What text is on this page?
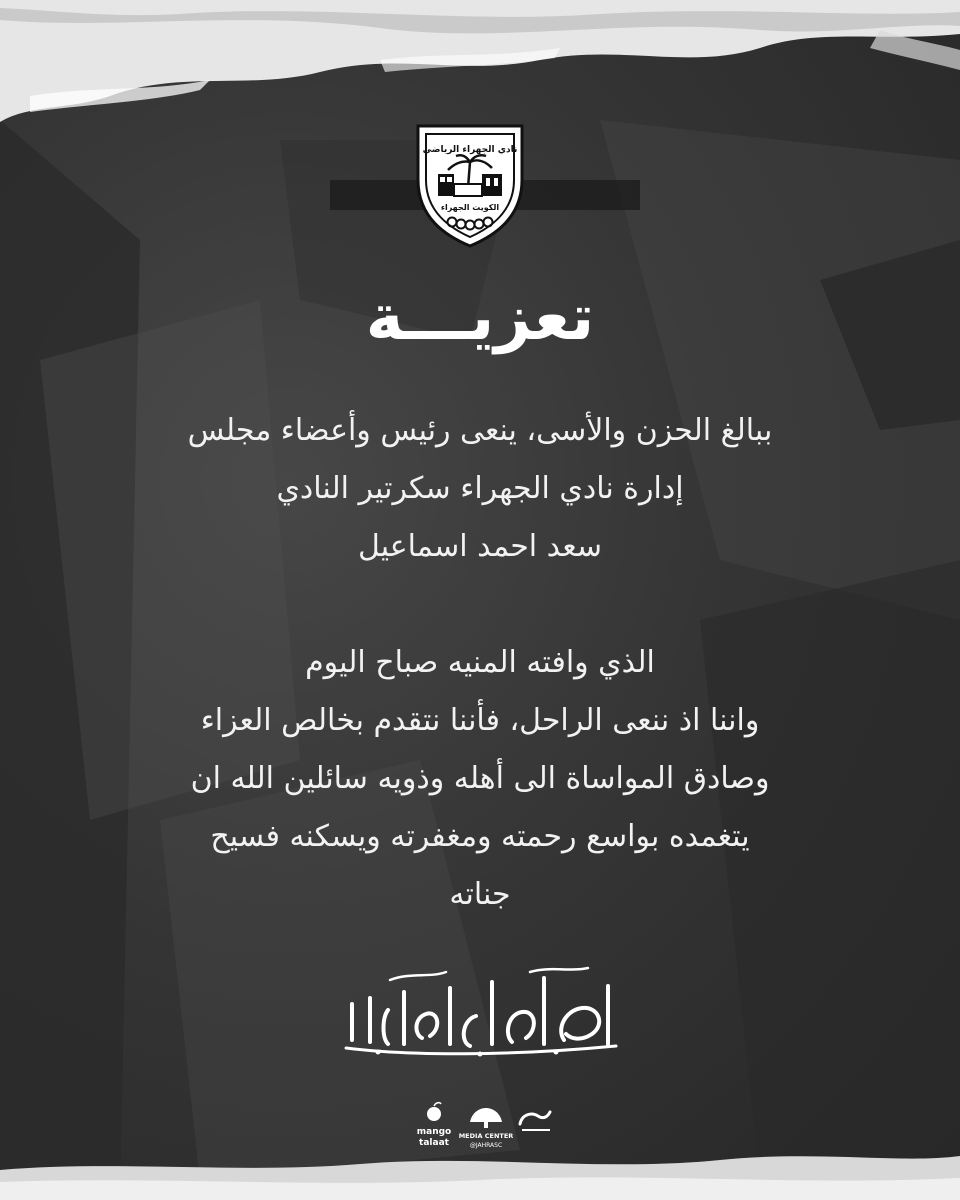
نادي الجهراء الرياضي
الكويت الجهراء
تعزيـــة
ببالغ الحزن والأسى، ينعى رئيس وأعضاء مجلس
إدارة نادي الجهراء سكرتير النادي
سعد احمد اسماعيل
الذي وافته المنيه صباح اليوم
واننا اذ ننعى الراحل، فأننا نتقدم بخالص العزاء
وصادق المواساة الى أهله وذويه سائلين الله ان
يتغمده بواسع رحمته ومغفرته ويسكنه فسيح
جناته
mango
talaat
MEDIA CENTER
@JAHRASC
